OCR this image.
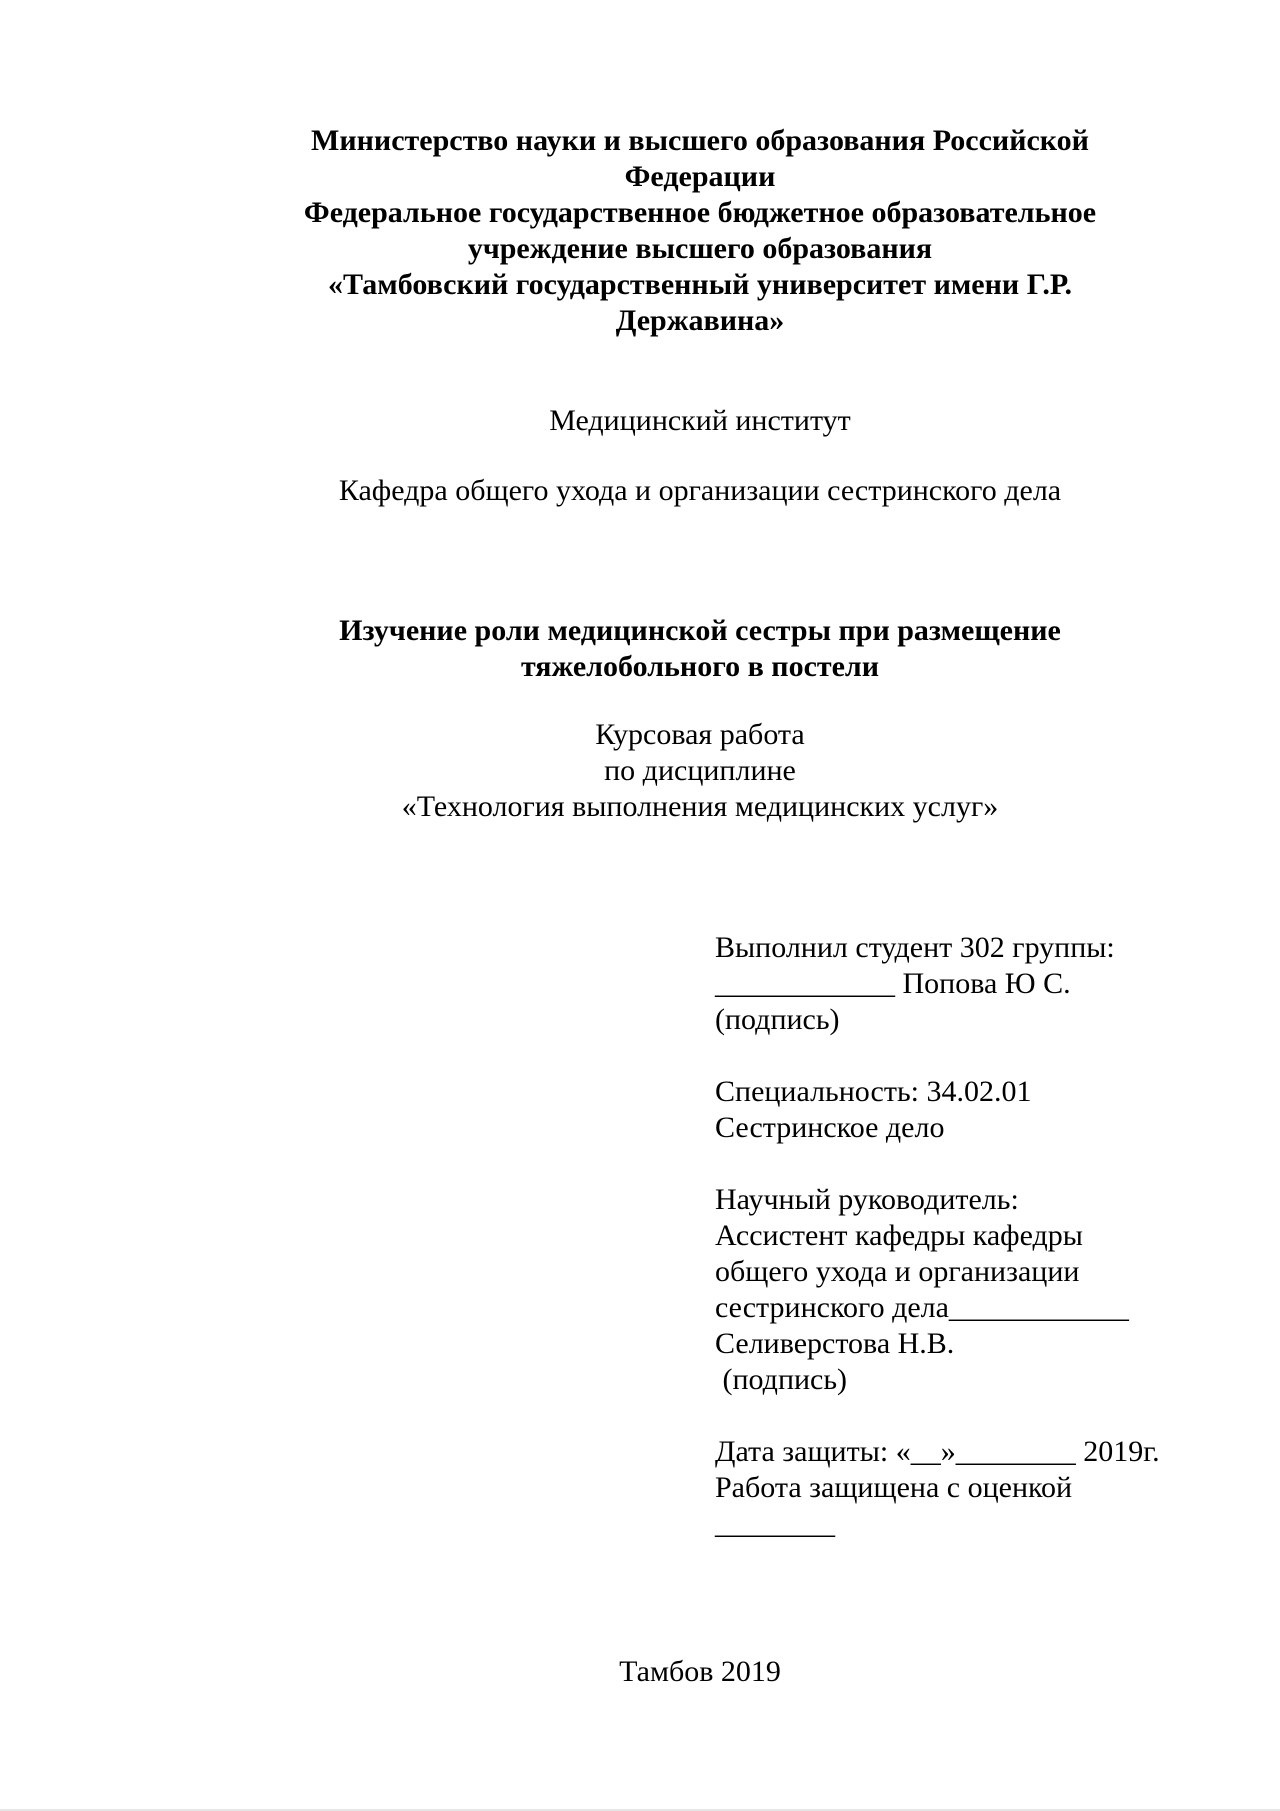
Министерство науки и высшего образования Российской
Федерации
Федеральное государственное бюджетное образовательное
учреждение высшего образования
«Тамбовский государственный университет имени Г.Р.
Державина»
Медицинский институт
Кафедра общего ухода и организации сестринского дела
Изучение роли медицинской сестры при размещение
тяжелобольного в постели
Курсовая работа
по дисциплине
«Технология выполнения медицинских услуг»
Выполнил студент 302 группы:
____________ Попова Ю С.
(подпись)
Специальность: 34.02.01
Сестринское дело
Научный руководитель:
Ассистент кафедры кафедры
общего ухода и организации
сестринского дела____________
Селиверстова Н.В.
(подпись)
Дата защиты: «__»________ 2019г.
Работа защищена с оценкой
________
Тамбов 2019
